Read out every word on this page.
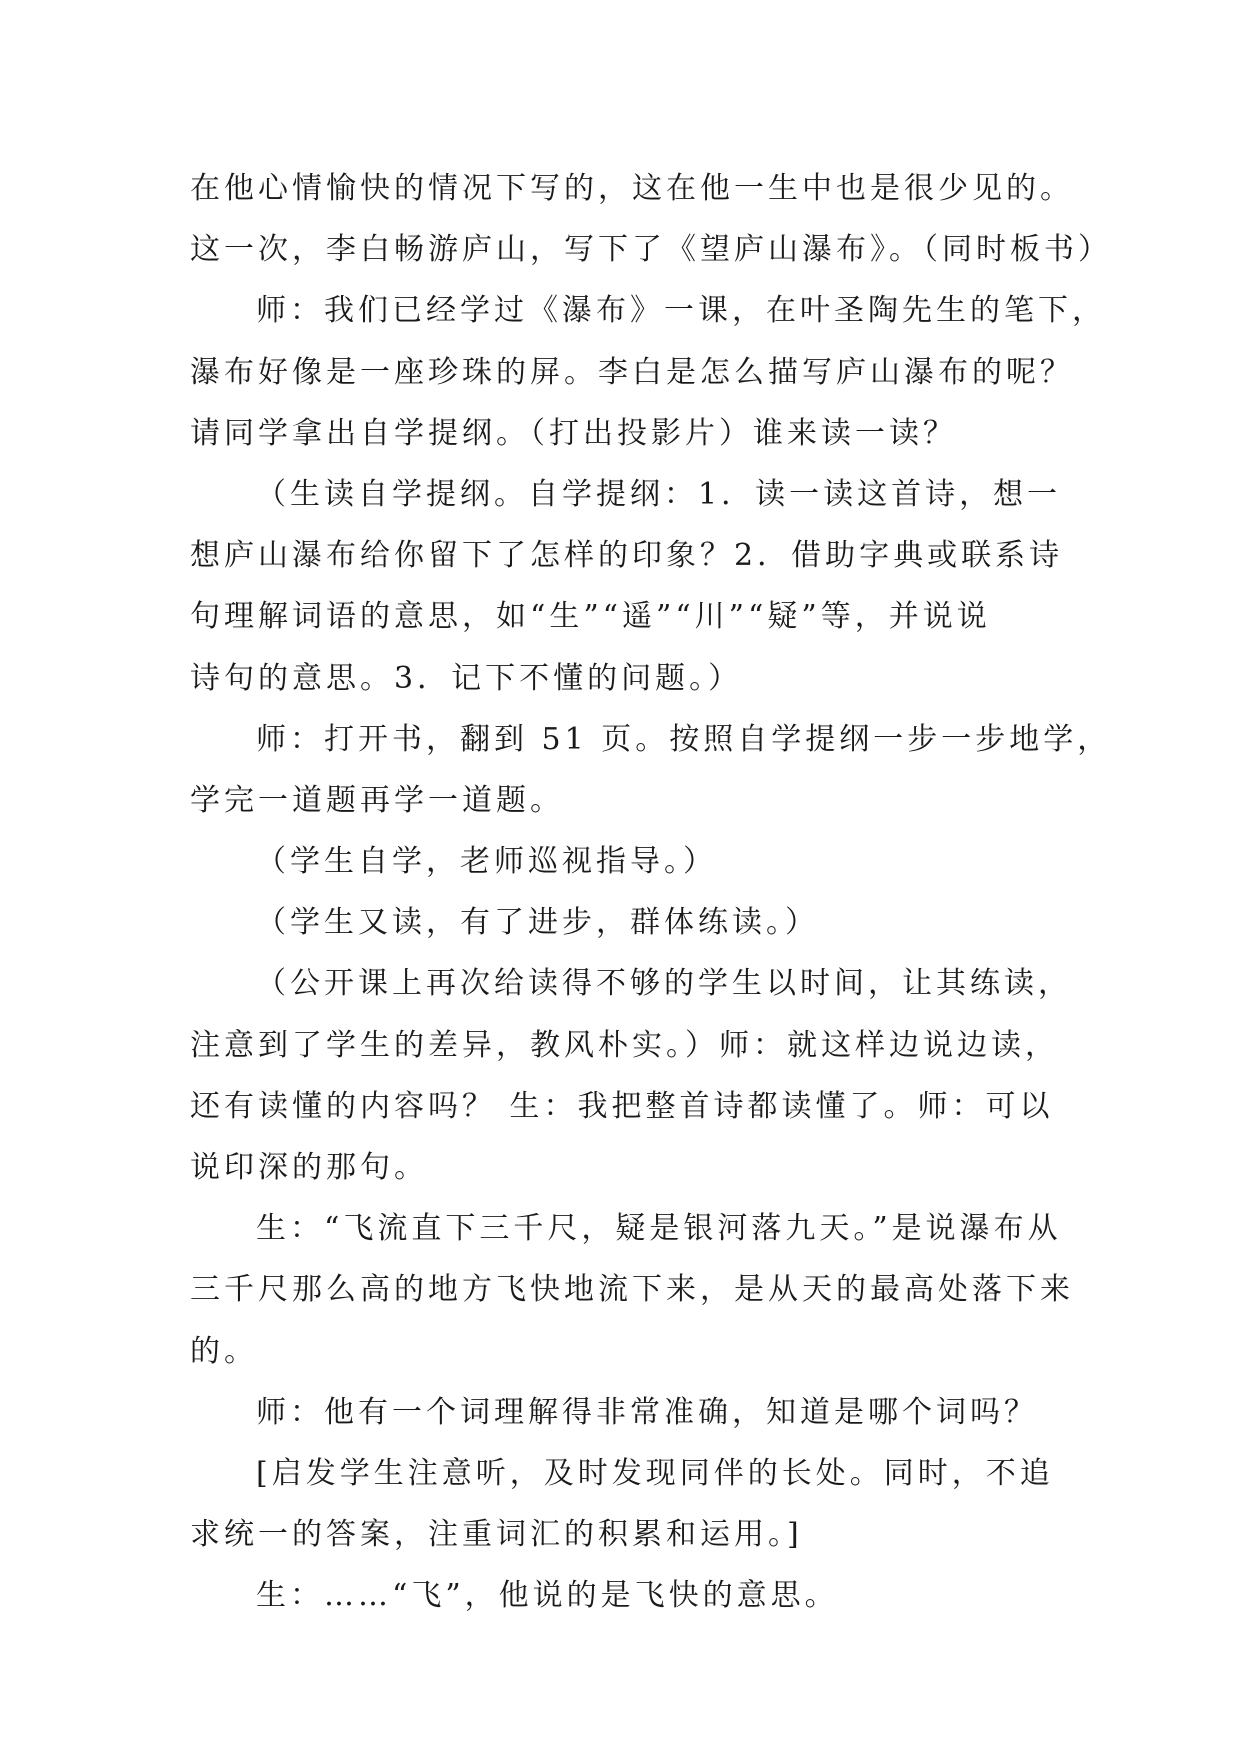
在他心情愉快的情况下写的，这在他一生中也是很少见的。
这一次，李白畅游庐山，写下了《望庐山瀑布》。（同时板书）
师：我们已经学过《瀑布》一课，在叶圣陶先生的笔下，
瀑布好像是一座珍珠的屏。李白是怎么描写庐山瀑布的呢？
请同学拿出自学提纲。（打出投影片）谁来读一读？
（生读自学提纲。自学提纲：1．读一读这首诗，想一
想庐山瀑布给你留下了怎样的印象？2．借助字典或联系诗
句理解词语的意思，如“生”“遥”“川”“疑”等，并说说
诗句的意思。3．记下不懂的问题。）
师：打开书，翻到 51 页。按照自学提纲一步一步地学，
学完一道题再学一道题。
（学生自学，老师巡视指导。）
（学生又读，有了进步，群体练读。）
（公开课上再次给读得不够的学生以时间，让其练读，
注意到了学生的差异，教风朴实。）师：就这样边说边读，
还有读懂的内容吗？ 生：我把整首诗都读懂了。师：可以
说印深的那句。
生：“飞流直下三千尺，疑是银河落九天。”是说瀑布从
三千尺那么高的地方飞快地流下来，是从天的最高处落下来
的。
师：他有一个词理解得非常准确，知道是哪个词吗？
[启发学生注意听，及时发现同伴的长处。同时，不追
求统一的答案，注重词汇的积累和运用。]
生：……“飞”，他说的是飞快的意思。
